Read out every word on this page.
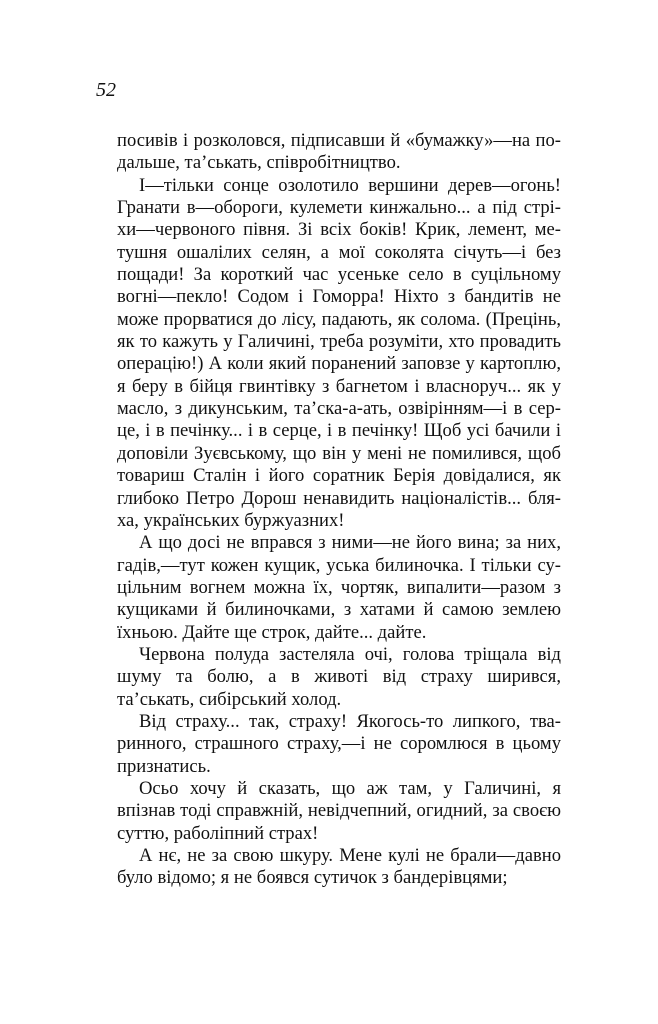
52

посивів і розколовся, підписавши й «бумажку»—на подальше, та’ськать, співробітництво.

І—тільки сонце озолотило вершини дерев—огонь! Гранати в—обороги, кулемети кинжально... а під стріхи—червоного півня. Зі всіх боків! Крик, лемент, метушня ошалілих селян, а мої соколята січуть—і без пощади! За короткий час усеньке село в суцільному вогні—пекло! Содом і Гоморра! Ніхто з бандитів не може прорватися до лісу, падають, як солома. (Прецінь, як то кажуть у Галичині, треба розуміти, хто провадить операцію!) А коли який поранений заповзе у картоплю, я беру в бійця гвинтівку з багнетом і власноруч... як у масло, з дикунським, та’ска-а-ать, озвірінням—і в серце, і в печінку... і в серце, і в печінку! Щоб усі бачили і доповіли Зуєвському, що він у мені не помилився, щоб товариш Сталін і його соратник Берія довідалися, як глибоко Петро Дорош ненавидить націоналістів... бляха, українських буржуазних!

А що досі не вправся з ними—не його вина; за них, гадів,—тут кожен кущик, уська билиночка. І тільки суцільним вогнем можна їх, чортяк, випалити—разом з кущиками й билиночками, з хатами й самою землею їхньою. Дайте ще строк, дайте... дайте.

Червона полуда застеляла очі, голова тріщала від шуму та болю, а в животі від страху ширився, та’ськать, сибірський холод.

Від страху... так, страху! Якогось-то липкого, тваринного, страшного страху,—і не соромлюся в цьому признатись.

Осьо хочу й сказать, що аж там, у Галичині, я впізнав тоді справжній, невідчепний, огидний, за своєю суттю, раболіпний страх!

А нє, не за свою шкуру. Мене кулі не брали—давно було відомо; я не боявся сутичок з бандерівцями;
